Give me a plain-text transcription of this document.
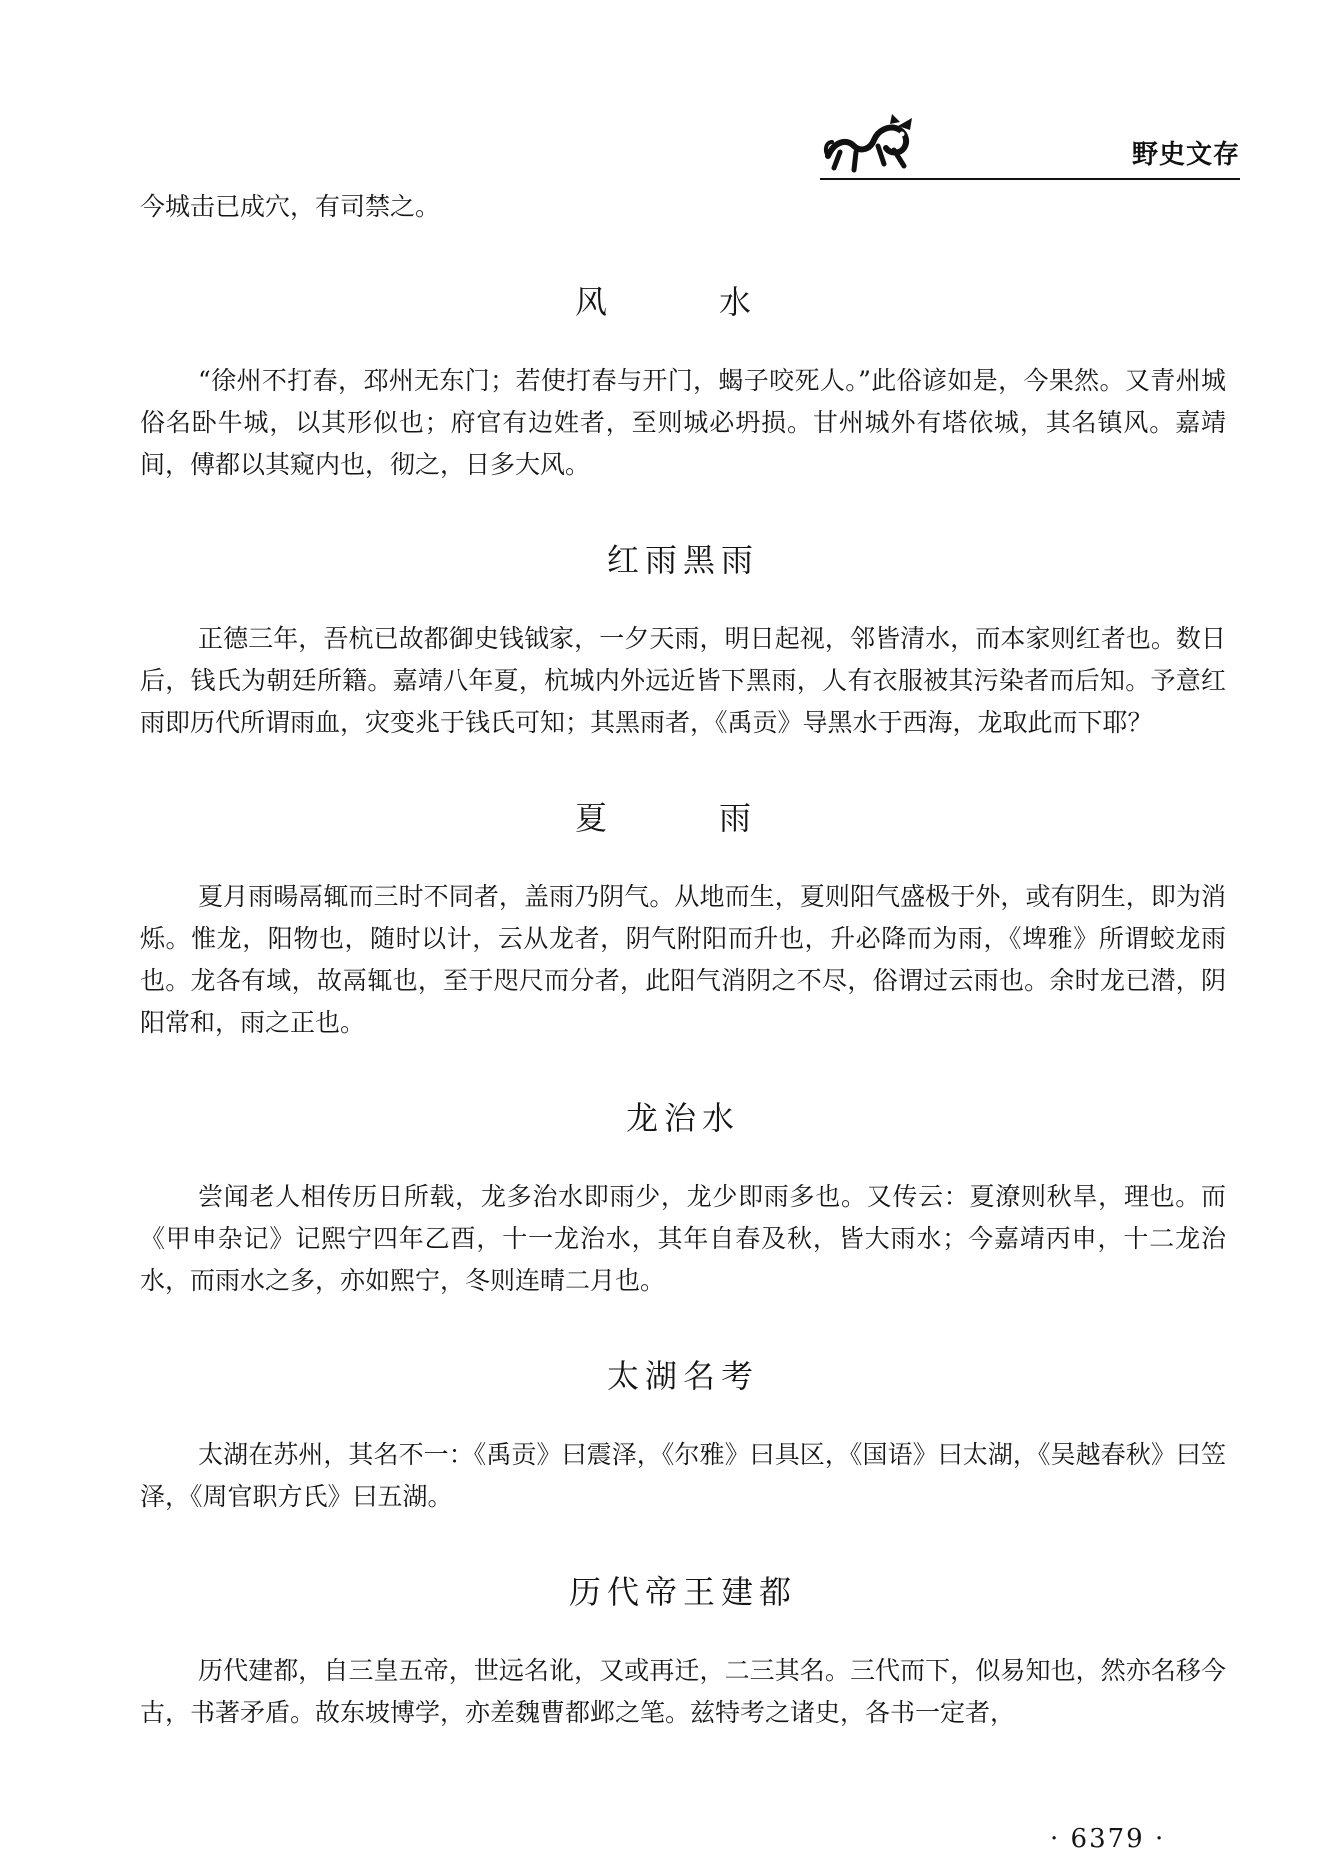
野史文存

今城击已成穴，有司禁之。

风　水

“徐州不打春，邳州无东门；若使打春与开门，蝎子咬死人。”此俗谚如是，今果然。又青州城俗名卧牛城，以其形似也；府官有边姓者，至则城必坍损。甘州城外有塔依城，其名镇风。嘉靖间，傅都以其窥内也，彻之，日多大风。

红雨黑雨

正德三年，吾杭已故都御史钱钺家，一夕天雨，明日起视，邻皆清水，而本家则红者也。数日后，钱氏为朝廷所籍。嘉靖八年夏，杭城内外远近皆下黑雨，人有衣服被其污染者而后知。予意红雨即历代所谓雨血，灾变兆于钱氏可知；其黑雨者，《禹贡》导黑水于西海，龙取此而下耶？

夏　雨

夏月雨暘鬲辄而三时不同者，盖雨乃阴气。从地而生，夏则阳气盛极于外，或有阴生，即为消烁。惟龙，阳物也，随时以计，云从龙者，阴气附阳而升也，升必降而为雨，《埤雅》所谓蛟龙雨也。龙各有域，故鬲辄也，至于咫尺而分者，此阳气消阴之不尽，俗谓过云雨也。余时龙已潜，阴阳常和，雨之正也。

龙治水

尝闻老人相传历日所载，龙多治水即雨少，龙少即雨多也。又传云：夏潦则秋旱，理也。而《甲申杂记》记熙宁四年乙酉，十一龙治水，其年自春及秋，皆大雨水；今嘉靖丙申，十二龙治水，而雨水之多，亦如熙宁，冬则连晴二月也。

太湖名考

太湖在苏州，其名不一：《禹贡》曰震泽，《尔雅》曰具区，《国语》曰太湖，《吴越春秋》曰笠泽，《周官职方氏》曰五湖。

历代帝王建都

历代建都，自三皇五帝，世远名讹，又或再迁，二三其名。三代而下，似易知也，然亦名移今古，书著矛盾。故东坡博学，亦差魏曹都邺之笔。兹特考之诸史，各书一定者，

· 6379 ·
